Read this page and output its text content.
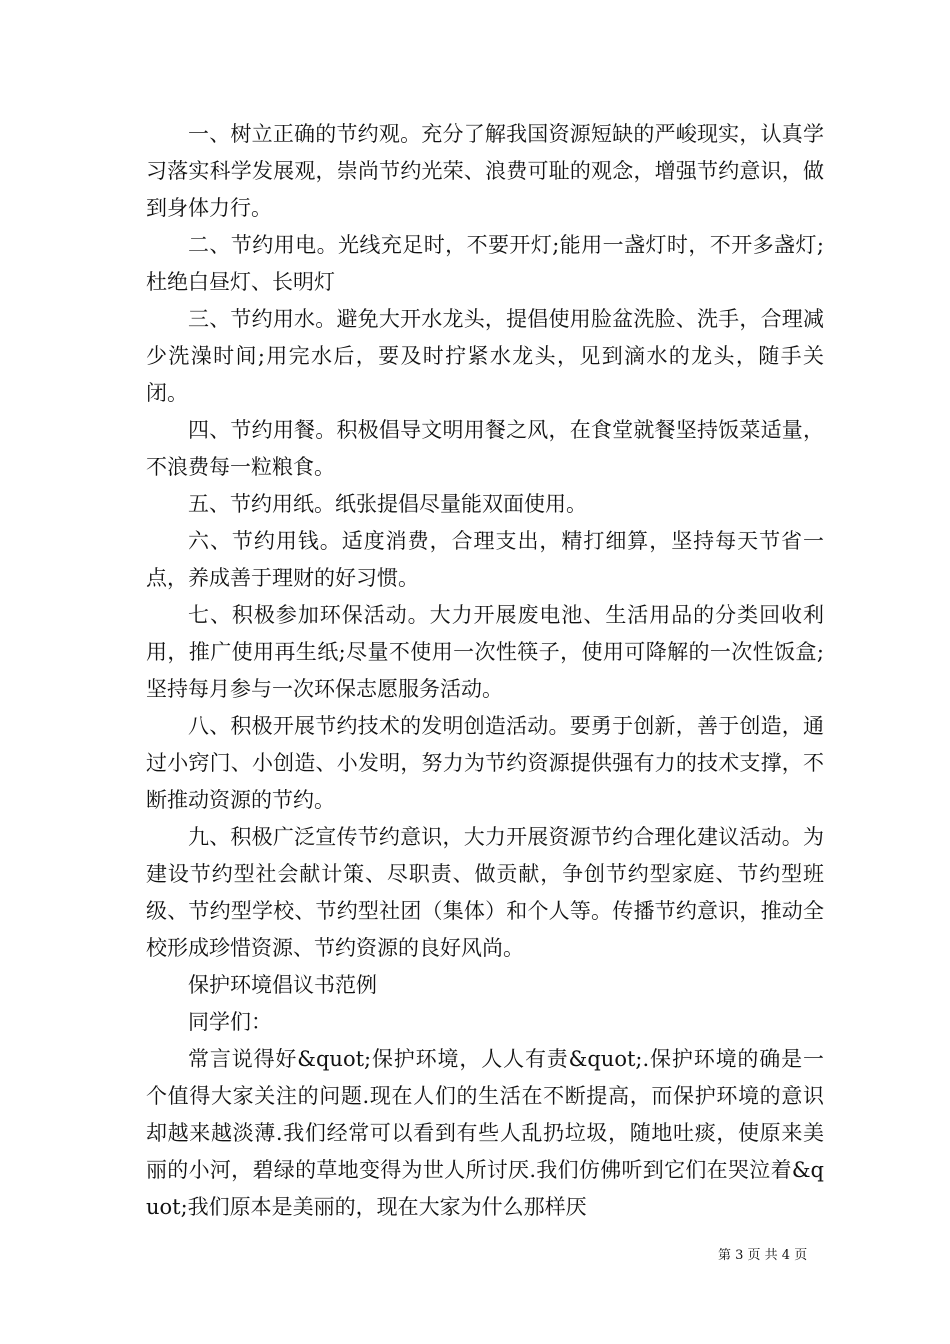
一、树立正确的节约观。充分了解我国资源短缺的严峻现实，认真学习落实科学发展观，崇尚节约光荣、浪费可耻的观念，增强节约意识，做到身体力行。

二、节约用电。光线充足时，不要开灯;能用一盏灯时，不开多盏灯;杜绝白昼灯、长明灯

三、节约用水。避免大开水龙头，提倡使用脸盆洗脸、洗手，合理减少洗澡时间;用完水后，要及时拧紧水龙头，见到滴水的龙头，随手关闭。

四、节约用餐。积极倡导文明用餐之风，在食堂就餐坚持饭菜适量，不浪费每一粒粮食。

五、节约用纸。纸张提倡尽量能双面使用。

六、节约用钱。适度消费，合理支出，精打细算，坚持每天节省一点，养成善于理财的好习惯。

七、积极参加环保活动。大力开展废电池、生活用品的分类回收利用，推广使用再生纸;尽量不使用一次性筷子，使用可降解的一次性饭盒;坚持每月参与一次环保志愿服务活动。

八、积极开展节约技术的发明创造活动。要勇于创新，善于创造，通过小窍门、小创造、小发明，努力为节约资源提供强有力的技术支撑，不断推动资源的节约。

九、积极广泛宣传节约意识，大力开展资源节约合理化建议活动。为建设节约型社会献计策、尽职责、做贡献，争创节约型家庭、节约型班级、节约型学校、节约型社团（集体）和个人等。传播节约意识，推动全校形成珍惜资源、节约资源的良好风尚。

保护环境倡议书范例

同学们：

常言说得好&quot;保护环境，人人有责&quot;.保护环境的确是一个值得大家关注的问题.现在人们的生活在不断提高，而保护环境的意识却越来越淡薄.我们经常可以看到有些人乱扔垃圾，随地吐痰，使原来美丽的小河，碧绿的草地变得为世人所讨厌.我们仿佛听到它们在哭泣着&quot;我们原本是美丽的，现在大家为什么那样厌

第 3 页 共 4 页
